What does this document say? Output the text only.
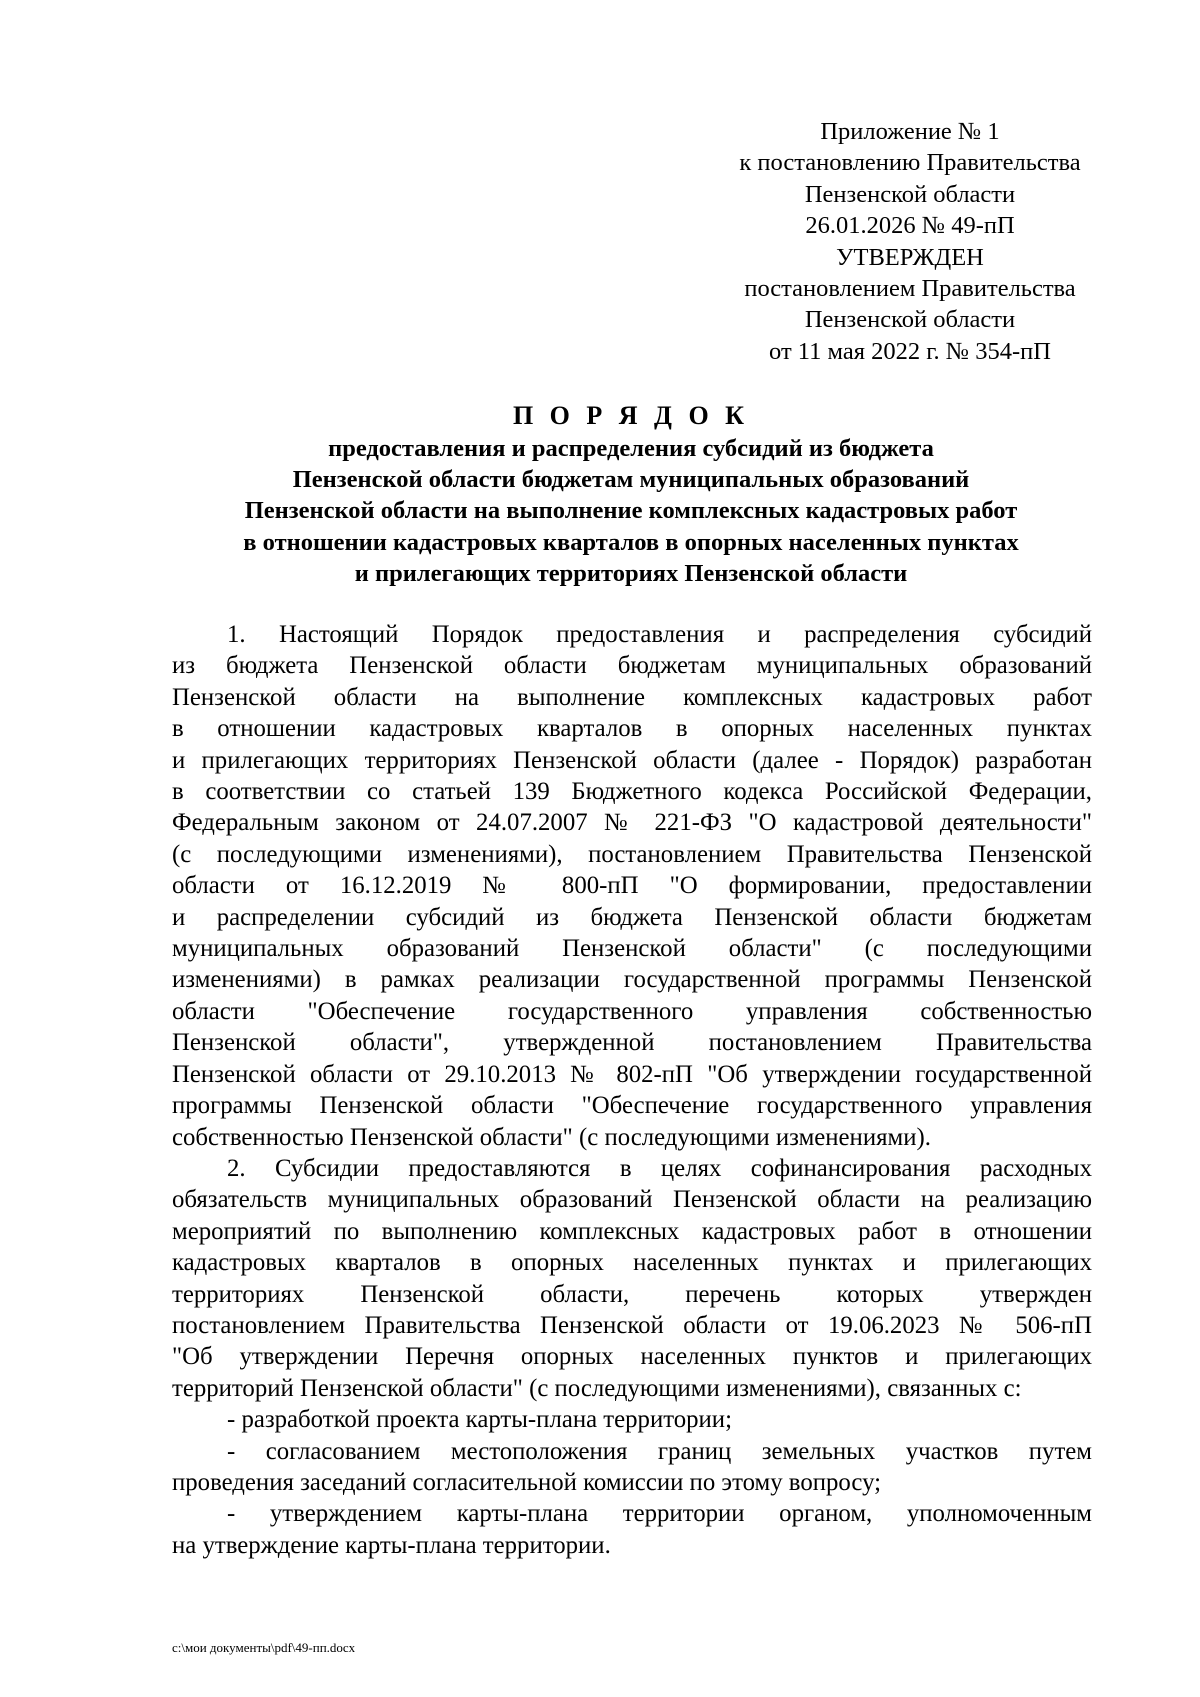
Приложение № 1
к постановлению Правительства
Пензенской области
26.01.2026 № 49-пП
УТВЕРЖДЕН
постановлением Правительства
Пензенской области
от 11 мая 2022 г. № 354-пП
П О Р Я Д О К
предоставления и распределения субсидий из бюджета
Пензенской области бюджетам муниципальных образований
Пензенской области на выполнение комплексных кадастровых работ
в отношении кадастровых кварталов в опорных населенных пунктах
и прилегающих территориях Пензенской области
1. Настоящий Порядок предоставления и распределения субсидий
из бюджета Пензенской области бюджетам муниципальных образований
Пензенской области на выполнение комплексных кадастровых работ
в отношении кадастровых кварталов в опорных населенных пунктах
и прилегающих территориях Пензенской области (далее - Порядок) разработан
в соответствии со статьей 139 Бюджетного кодекса Российской Федерации,
Федеральным законом от 24.07.2007 № 221-ФЗ "О кадастровой деятельности"
(с последующими изменениями), постановлением Правительства Пензенской
области от 16.12.2019 № 800-пП "О формировании, предоставлении
и распределении субсидий из бюджета Пензенской области бюджетам
муниципальных образований Пензенской области" (с последующими
изменениями) в рамках реализации государственной программы Пензенской
области "Обеспечение государственного управления собственностью
Пензенской области", утвержденной постановлением Правительства
Пензенской области от 29.10.2013 № 802-пП "Об утверждении государственной
программы Пензенской области "Обеспечение государственного управления
собственностью Пензенской области" (с последующими изменениями).
2. Субсидии предоставляются в целях софинансирования расходных
обязательств муниципальных образований Пензенской области на реализацию
мероприятий по выполнению комплексных кадастровых работ в отношении
кадастровых кварталов в опорных населенных пунктах и прилегающих
территориях Пензенской области, перечень которых утвержден
постановлением Правительства Пензенской области от 19.06.2023 № 506-пП
"Об утверждении Перечня опорных населенных пунктов и прилегающих
территорий Пензенской области" (с последующими изменениями), связанных с:
- разработкой проекта карты-плана территории;
- согласованием местоположения границ земельных участков путем
проведения заседаний согласительной комиссии по этому вопросу;
- утверждением карты-плана территории органом, уполномоченным
на утверждение карты-плана территории.
c:\мои документы\pdf\49-пп.docx
